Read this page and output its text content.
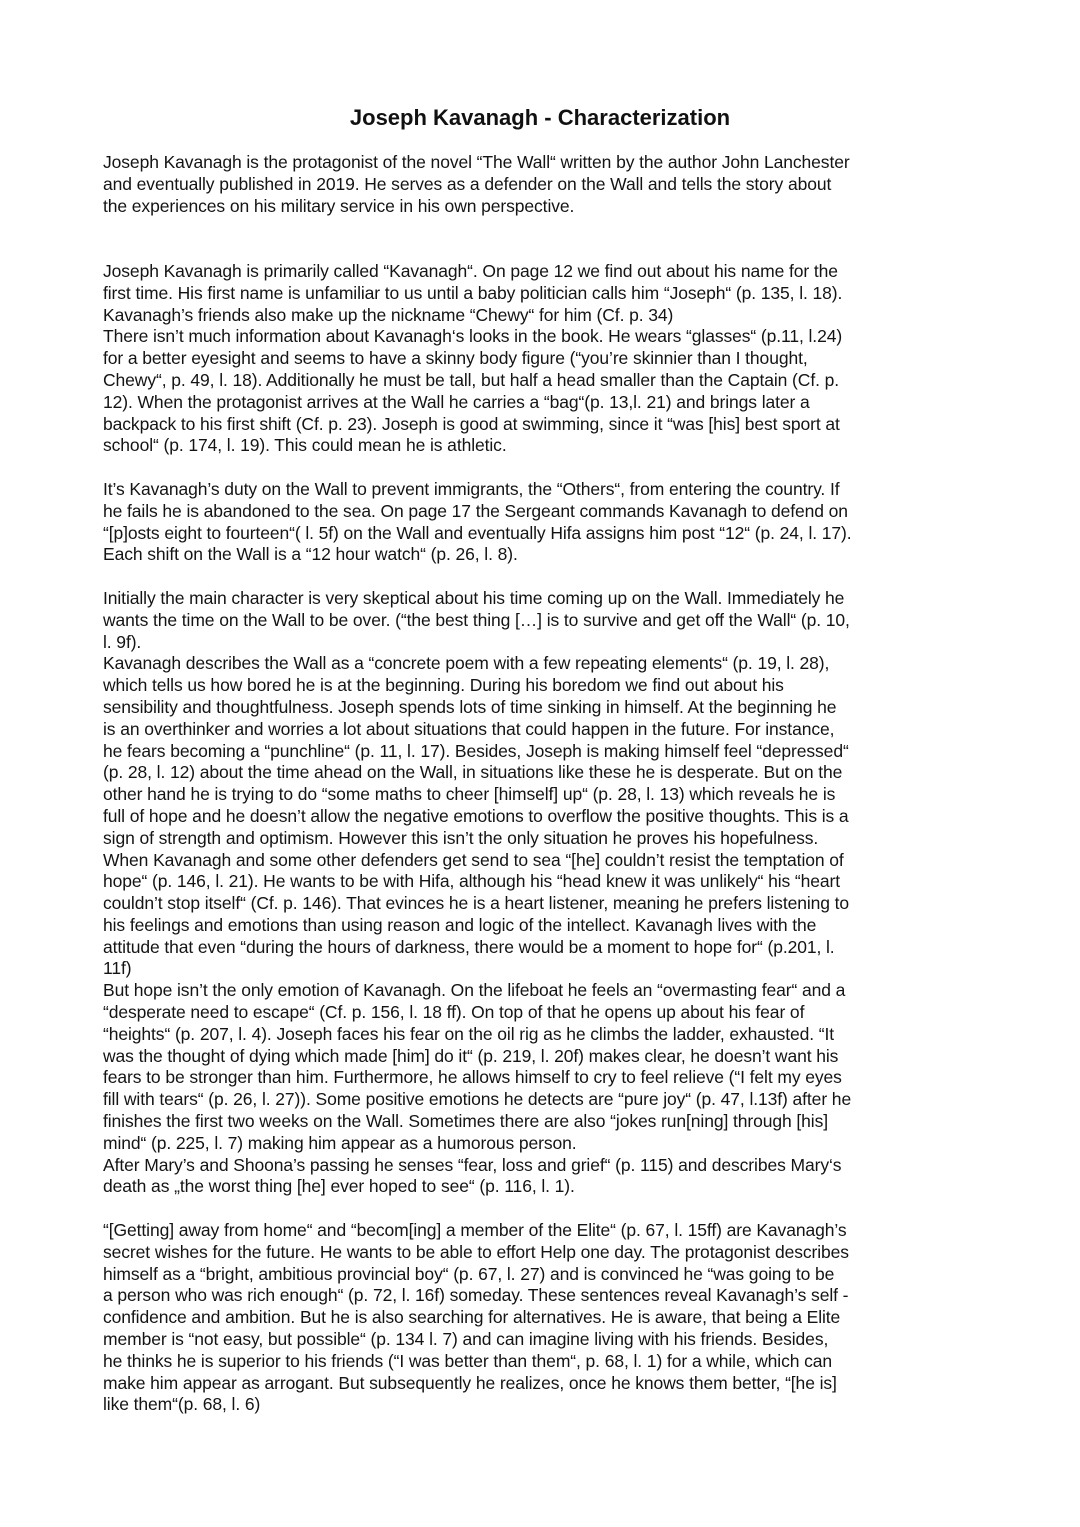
Joseph Kavanagh - Characterization
Joseph Kavanagh is the protagonist of the novel “The Wall“ written by the author John Lanchester
and eventually published in 2019. He serves as a defender on the Wall and tells the story about
the experiences on his military service in his own perspective.
Joseph Kavanagh is primarily called “Kavanagh“. On page 12 we find out about his name for the
first time. His first name is unfamiliar to us until a baby politician calls him “Joseph“ (p. 135, l. 18).
Kavanagh’s friends also make up the nickname “Chewy“ for him (Cf. p. 34)
There isn’t much information about Kavanagh‘s looks in the book. He wears “glasses“ (p.11, l.24)
for a better eyesight and seems to have a skinny body figure (“you’re skinnier than I thought,
Chewy“, p. 49, l. 18). Additionally he must be tall, but half a head smaller than the Captain (Cf. p.
12). When the protagonist arrives at the Wall he carries a “bag“(p. 13,l. 21) and brings later a
backpack to his first shift (Cf. p. 23). Joseph is good at swimming, since it “was [his] best sport at
school“ (p. 174, l. 19). This could mean he is athletic.
It’s Kavanagh’s duty on the Wall to prevent immigrants, the “Others“, from entering the country. If
he fails he is abandoned to the sea. On page 17 the Sergeant commands Kavanagh to defend on
“[p]osts eight to fourteen“( l. 5f) on the Wall and eventually Hifa assigns him post “12“ (p. 24, l. 17).
Each shift on the Wall is a “12 hour watch“ (p. 26, l. 8).
Initially the main character is very skeptical about his time coming up on the Wall. Immediately he
wants the time on the Wall to be over. (“the best thing […] is to survive and get off the Wall“ (p. 10,
l. 9f).
Kavanagh describes the Wall as a “concrete poem with a few repeating elements“ (p. 19, l. 28),
which tells us how bored he is at the beginning. During his boredom we find out about his
sensibility and thoughtfulness. Joseph spends lots of time sinking in himself. At the beginning he
is an overthinker and worries a lot about situations that could happen in the future. For instance,
he fears becoming a “punchline“ (p. 11, l. 17). Besides, Joseph is making himself feel “depressed“
(p. 28, l. 12) about the time ahead on the Wall, in situations like these he is desperate. But on the
other hand he is trying to do “some maths to cheer [himself] up“ (p. 28, l. 13) which reveals he is
full of hope and he doesn’t allow the negative emotions to overflow the positive thoughts. This is a
sign of strength and optimism. However this isn’t the only situation he proves his hopefulness.
When Kavanagh and some other defenders get send to sea “[he] couldn’t resist the temptation of
hope“ (p. 146, l. 21). He wants to be with Hifa, although his “head knew it was unlikely“ his “heart
couldn’t stop itself“ (Cf. p. 146). That evinces he is a heart listener, meaning he prefers listening to
his feelings and emotions than using reason and logic of the intellect. Kavanagh lives with the
attitude that even “during the hours of darkness, there would be a moment to hope for“ (p.201, l.
11f)
But hope isn’t the only emotion of Kavanagh. On the lifeboat he feels an “overmasting fear“ and a
“desperate need to escape“ (Cf. p. 156, l. 18 ff). On top of that he opens up about his fear of
“heights“ (p. 207, l. 4). Joseph faces his fear on the oil rig as he climbs the ladder, exhausted. “It
was the thought of dying which made [him] do it“ (p. 219, l. 20f) makes clear, he doesn’t want his
fears to be stronger than him. Furthermore, he allows himself to cry to feel relieve (“I felt my eyes
fill with tears“ (p. 26, l. 27)). Some positive emotions he detects are “pure joy“ (p. 47, l.13f) after he
finishes the first two weeks on the Wall. Sometimes there are also “jokes run[ning] through [his]
mind“ (p. 225, l. 7) making him appear as a humorous person.
After Mary’s and Shoona’s passing he senses “fear, loss and grief“ (p. 115) and describes Mary‘s
death as „the worst thing [he] ever hoped to see“ (p. 116, l. 1).
“[Getting] away from home“ and “becom[ing] a member of the Elite“ (p. 67, l. 15ff) are Kavanagh’s
secret wishes for the future. He wants to be able to effort Help one day. The protagonist describes
himself as a “bright, ambitious provincial boy“ (p. 67, l. 27) and is convinced he “was going to be
a person who was rich enough“ (p. 72, l. 16f) someday. These sentences reveal Kavanagh’s self -
confidence and ambition. But he is also searching for alternatives. He is aware, that being a Elite
member is “not easy, but possible“ (p. 134 l. 7) and can imagine living with his friends. Besides,
he thinks he is superior to his friends (“I was better than them“, p. 68, l. 1) for a while, which can
make him appear as arrogant. But subsequently he realizes, once he knows them better, “[he is]
like them“(p. 68, l. 6)
